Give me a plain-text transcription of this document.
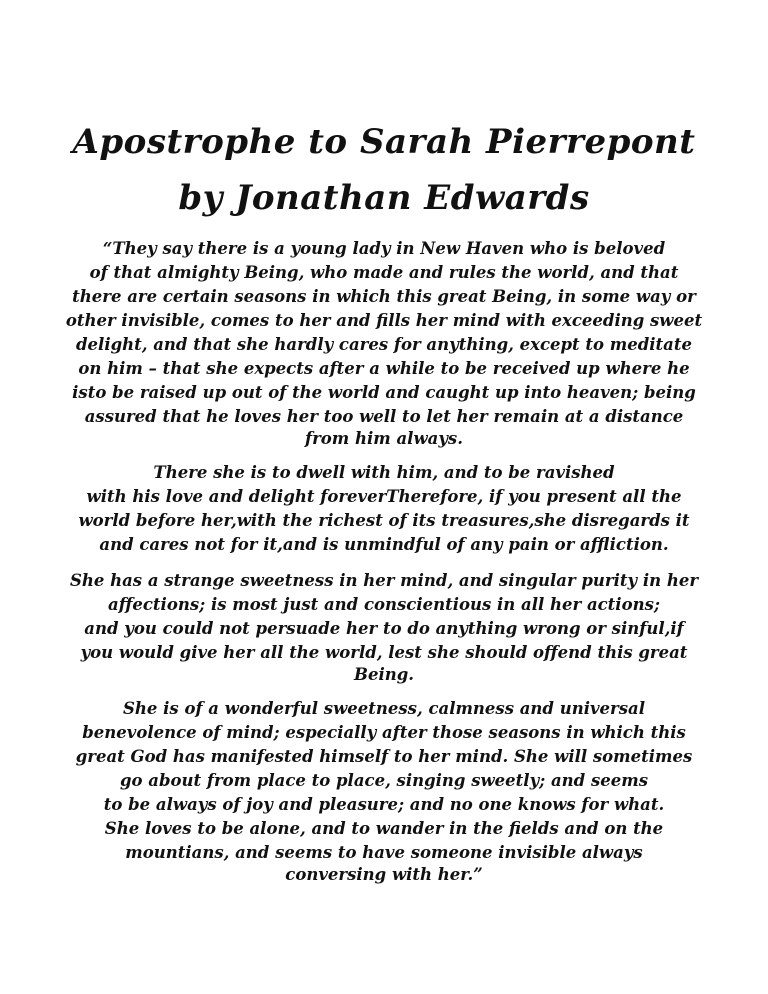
Apostrophe to Sarah Pierrepont
by Jonathan Edwards
“They say there is a young lady in New Haven who is beloved
of that almighty Being, who made and rules the world, and that
there are certain seasons in which this great Being, in some way or
other invisible, comes to her and fills her mind with exceeding sweet
delight, and that she hardly cares for anything, except to meditate
on him – that she expects after a while to be received up where he
isto be raised up out of the world and caught up into heaven; being
assured that he loves her too well to let her remain at a distance
from him always.
There she is to dwell with him, and to be ravished
with his love and delight foreverTherefore, if you present all the
world before her,with the richest of its treasures,she disregards it
and cares not for it,and is unmindful of any pain or affliction.
She has a strange sweetness in her mind, and singular purity in her
affections; is most just and conscientious in all her actions;
and you could not persuade her to do anything wrong or sinful,if
you would give her all the world, lest she should offend this great
Being.
She is of a wonderful sweetness, calmness and universal
benevolence of mind; especially after those seasons in which this
great God has manifested himself to her mind. She will sometimes
go about from place to place, singing sweetly; and seems
to be always of joy and pleasure; and no one knows for what.
She loves to be alone, and to wander in the fields and on the
mountians, and seems to have someone invisible always
conversing with her.”
